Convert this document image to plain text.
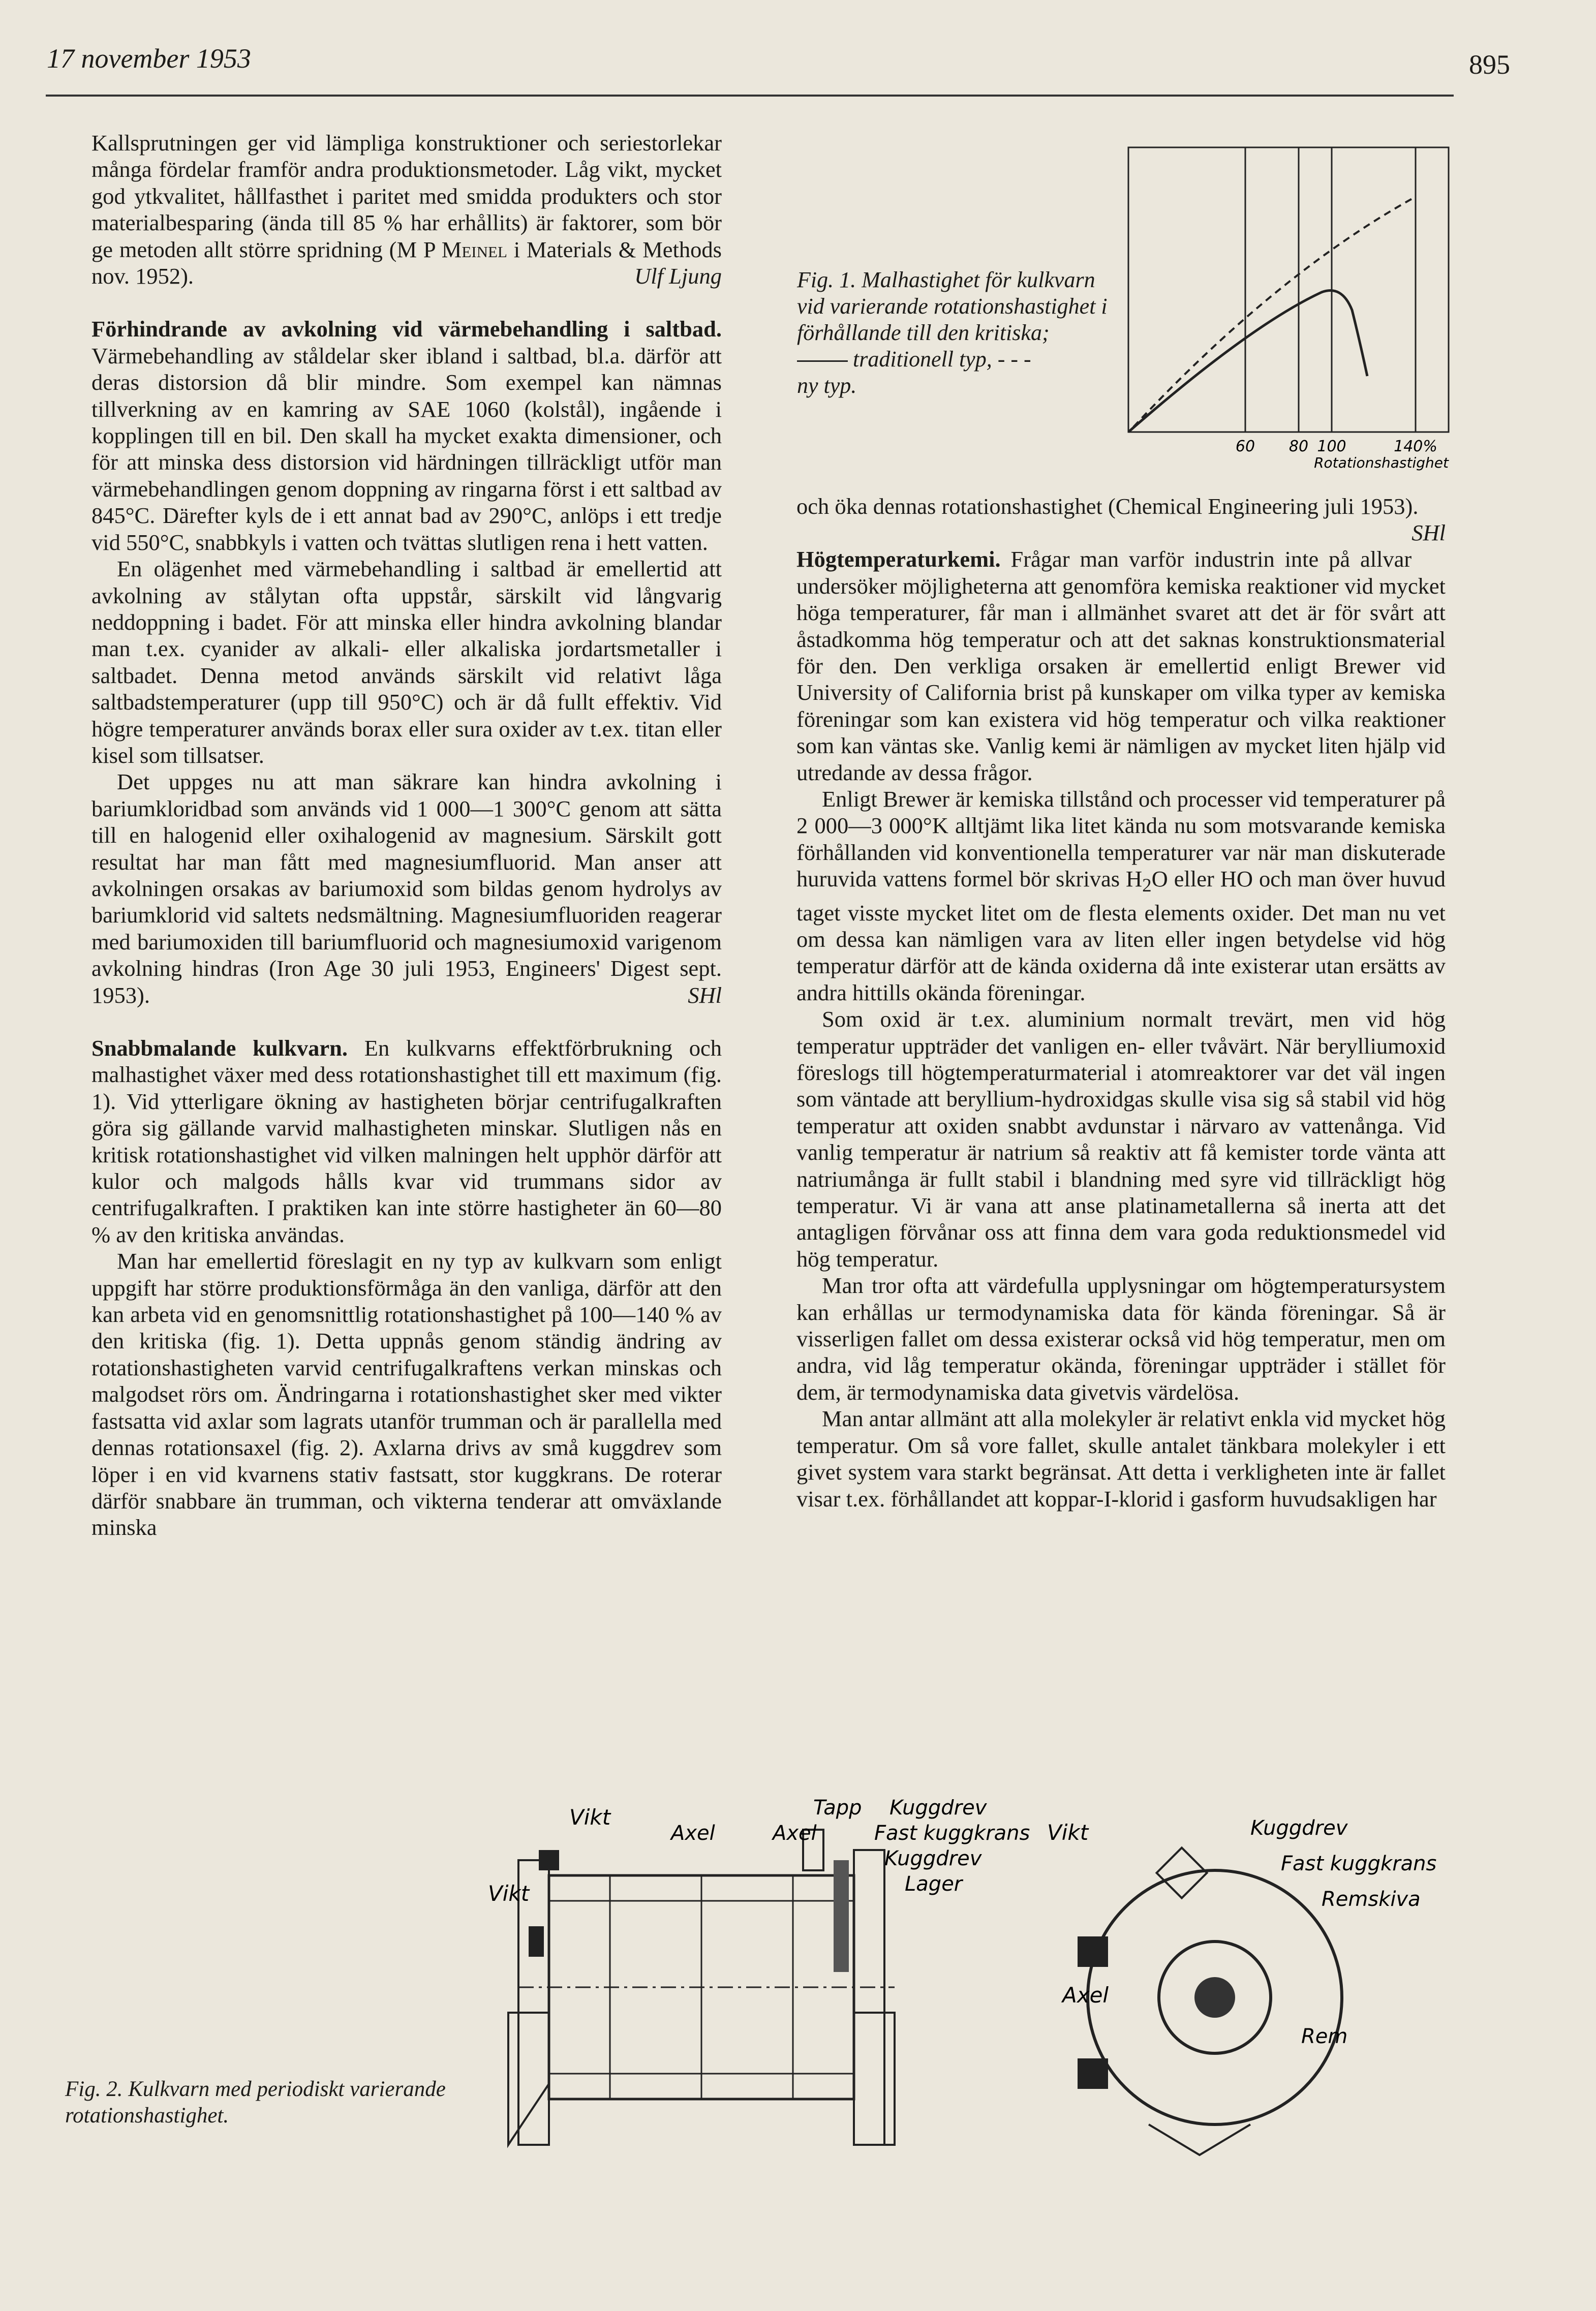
17 november 1953	895

Kallsprutningen ger vid lämpliga konstruktioner och seriestorlekar många fördelar framför andra produktionsmetoder. Låg vikt, mycket god ytkvalitet, hållfasthet i paritet med smidda produkters och stor materialbesparing (ända till 85 % har erhållits) är faktorer, som bör ge metoden allt större spridning (M P Meinel i Materials & Methods nov. 1952).	Ulf Ljung

Förhindrande av avkolning vid värmebehandling i saltbad. Värmebehandling av ståldelar sker ibland i saltbad, bl.a. därför att deras distorsion då blir mindre. Som exempel kan nämnas tillverkning av en kamring av SAE 1060 (kolstål), ingående i kopplingen till en bil. Den skall ha mycket exakta dimensioner, och för att minska dess distorsion vid härdningen tillräckligt utför man värmebehandlingen genom doppning av ringarna först i ett saltbad av 845°C. Därefter kyls de i ett annat bad av 290°C, anlöps i ett tredje vid 550°C, snabbkyls i vatten och tvättas slutligen rena i hett vatten.

En olägenhet med värmebehandling i saltbad är emellertid att avkolning av stålytan ofta uppstår, särskilt vid långvarig neddoppning i badet. För att minska eller hindra avkolning blandar man t.ex. cyanider av alkali- eller alkaliska jordartsmetaller i saltbadet. Denna metod används särskilt vid relativt låga saltbadstemperaturer (upp till 950°C) och är då fullt effektiv. Vid högre temperaturer används borax eller sura oxider av t.ex. titan eller kisel som tillsatser.

Det uppges nu att man säkrare kan hindra avkolning i bariumkloridbad som används vid 1 000—1 300°C genom att sätta till en halogenid eller oxihalogenid av magnesium. Särskilt gott resultat har man fått med magnesiumfluorid. Man anser att avkolningen orsakas av bariumoxid som bildas genom hydrolys av bariumklorid vid saltets nedsmältning. Magnesiumfluoriden reagerar med bariumoxiden till bariumfluorid och magnesiumoxid varigenom avkolning hindras (Iron Age 30 juli 1953, Engineers' Digest sept. 1953).	SHl

Snabbmalande kulkvarn. En kulkvarns effektförbrukning och malhastighet växer med dess rotationshastighet till ett maximum (fig. 1). Vid ytterligare ökning av hastigheten börjar centrifugalkraften göra sig gällande varvid malhastigheten minskar. Slutligen nås en kritisk rotationshastighet vid vilken malningen helt upphör därför att kulor och malgods hålls kvar vid trummans sidor av centrifugalkraften. I praktiken kan inte större hastigheter än 60—80 % av den kritiska användas.

Man har emellertid föreslagit en ny typ av kulkvarn som enligt uppgift har större produktionsförmåga än den vanliga, därför att den kan arbeta vid en genomsnittlig rotationshastighet på 100—140 % av den kritiska (fig. 1). Detta uppnås genom ständig ändring av rotationshastigheten varvid centrifugalkraftens verkan minskas och malgodset rörs om. Ändringarna i rotationshastighet sker med vikter fastsatta vid axlar som lagrats utanför trumman och är parallella med dennas rotationsaxel (fig. 2). Axlarna drivs av små kuggdrev som löper i en vid kvarnens stativ fastsatt, stor kuggkrans. De roterar därför snabbare än trumman, och vikterna tenderar att omväxlande minska

Fig. 1. Malhastighet för kulkvarn vid varierande rotationshastighet i förhållande till den kritiska;
traditionell typ, - - -
ny typ.
60 80 100	140%
Rotationshastighet

och öka dennas rotationshastighet (Chemical Engineering juli 1953).
SHl

Högtemperaturkemi. Frågar man varför industrin inte på allvar undersöker möjligheterna att genomföra kemiska reaktioner vid mycket höga temperaturer, får man i allmänhet svaret att det är för svårt att åstadkomma hög temperatur och att det saknas konstruktionsmaterial för den. Den verkliga orsaken är emellertid enligt Brewer vid University of California brist på kunskaper om vilka typer av kemiska föreningar som kan existera vid hög temperatur och vilka reaktioner som kan väntas ske. Vanlig kemi är nämligen av mycket liten hjälp vid utredande av dessa frågor.

Enligt Brewer är kemiska tillstånd och processer vid temperaturer på 2 000—3 000°K alltjämt lika litet kända nu som motsvarande kemiska förhållanden vid konventionella temperaturer var när man diskuterade huruvida vattens formel bör skrivas $H_2O$ eller HO och man över huvud taget visste mycket litet om de flesta elements oxider. Det man nu vet om dessa kan nämligen vara av liten eller ingen betydelse vid hög temperatur därför att de kända oxiderna då inte existerar utan ersätts av andra hittills okända föreningar.

Som oxid är t.ex. aluminium normalt trevärt, men vid hög temperatur uppträder det vanligen en- eller tvåvärt. När berylliumoxid föreslogs till högtemperaturmaterial i atomreaktorer var det väl ingen som väntade att beryllium-hydroxidgas skulle visa sig så stabil vid hög temperatur att oxiden snabbt avdunstar i närvaro av vattenånga. Vid vanlig temperatur är natrium så reaktiv att få kemister torde vänta att natriumånga är fullt stabil i blandning med syre vid tillräckligt hög temperatur. Vi är vana att anse platinametallerna så inerta att det antagligen förvånar oss att finna dem vara goda reduktionsmedel vid hög temperatur.

Man tror ofta att värdefulla upplysningar om högtemperatursystem kan erhållas ur termodynamiska data för kända föreningar. Så är visserligen fallet om dessa existerar också vid hög temperatur, men om andra, vid låg temperatur okända, föreningar uppträder i stället för dem, är termodynamiska data givetvis värdelösa.

Man antar allmänt att alla molekyler är relativt enkla vid mycket hög temperatur. Om så vore fallet, skulle antalet tänkbara molekyler i ett givet system vara starkt begränsat. Att detta i verkligheten inte är fallet visar t.ex. förhållandet att koppar-I-klorid i gasform huvudsakligen har

Fig. 2. Kulkvarn med periodiskt varierande rotationshastighet.
Vikt
Axel	Axel
Tapp Kuggdrev
Fast kuggkrans
Kuggdrev
Lager
Vikt
Vikt	Kuggdrev
Fast kuggkrans
Remskiva
Axel
Rem
